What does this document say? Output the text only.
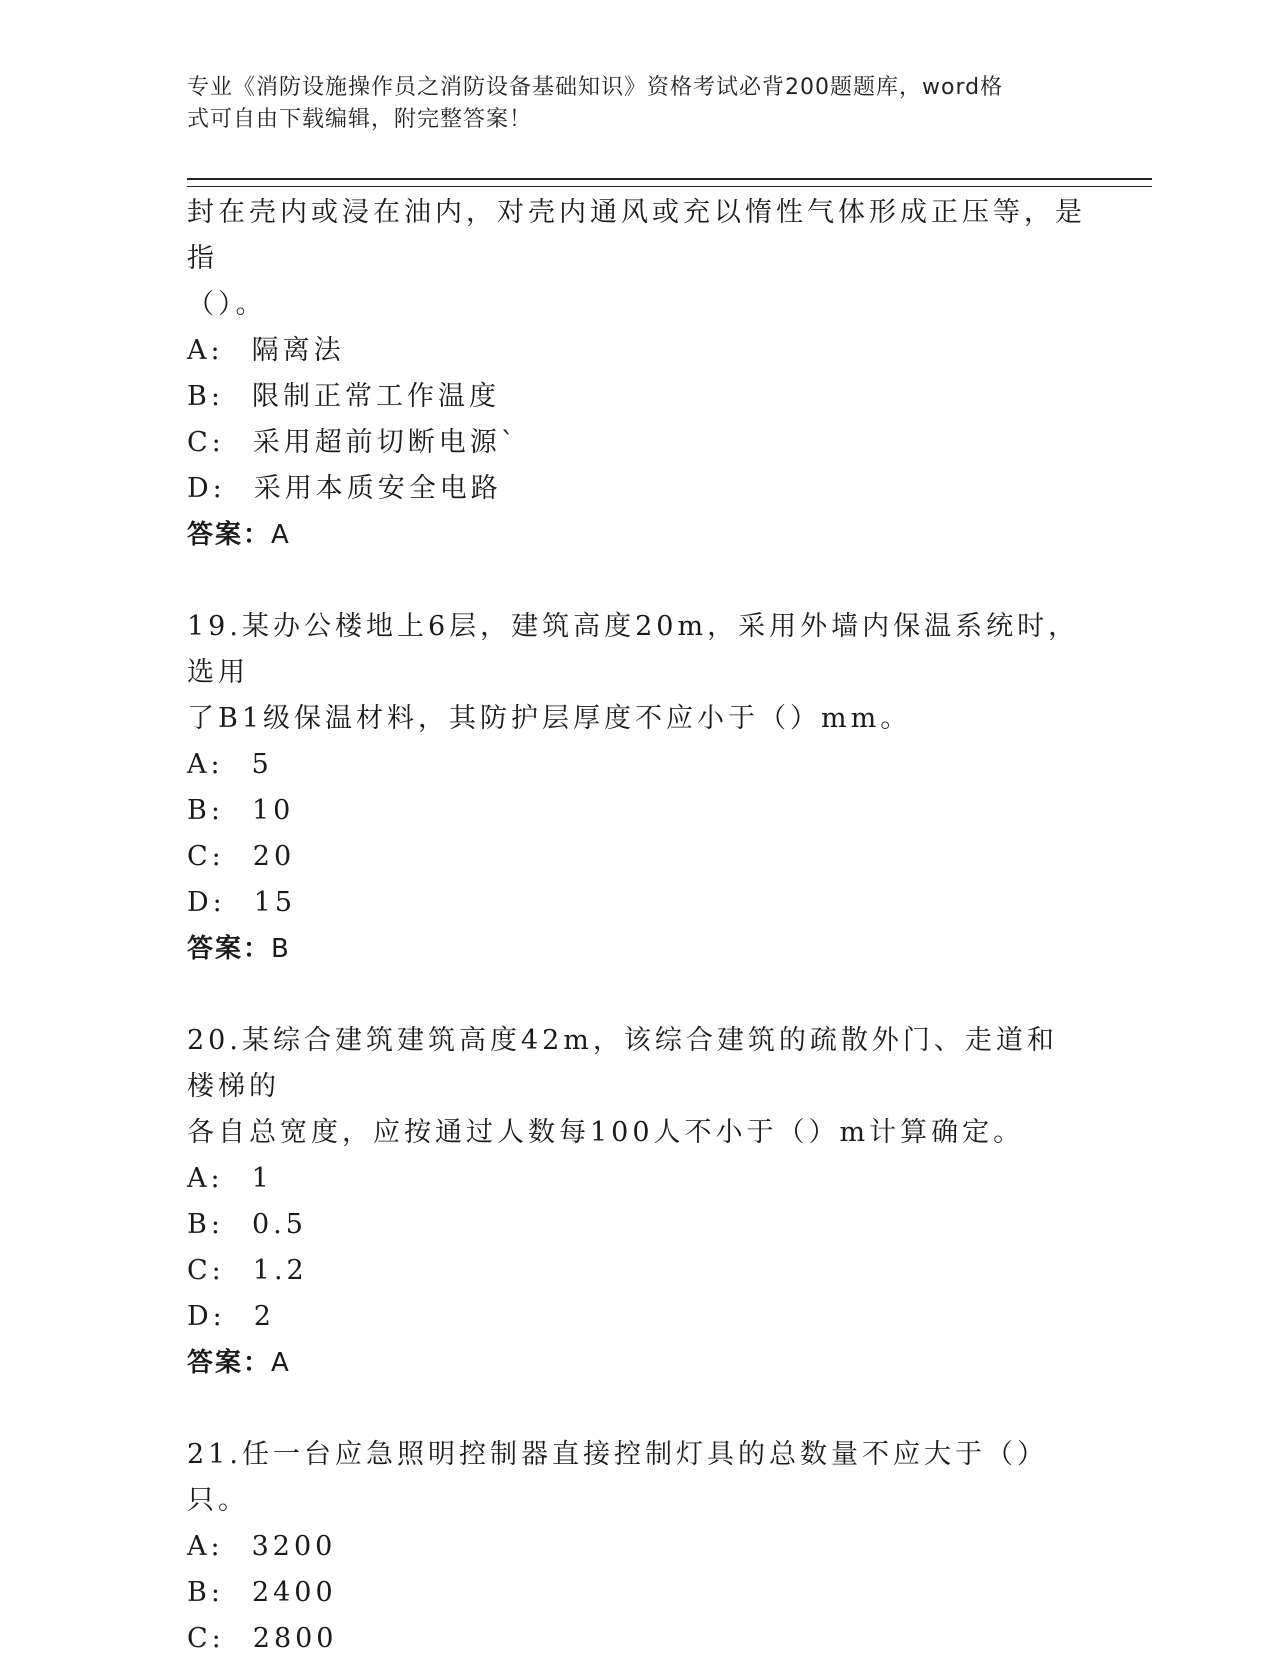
专业《消防设施操作员之消防设备基础知识》资格考试必背200题题库，word格
式可自由下载编辑，附完整答案！

封在壳内或浸在油内，对壳内通风或充以惰性气体形成正压等，是指

（）。

A: 隔离法

B: 限制正常工作温度

C: 采用超前切断电源`

D: 采用本质安全电路

答案：A

19.某办公楼地上6层，建筑高度20m，采用外墙内保温系统时，选用

了B1级保温材料，其防护层厚度不应小于（）mm。

A: 5

B: 10

C: 20

D: 15

答案：B

20.某综合建筑建筑高度42m，该综合建筑的疏散外门、走道和楼梯的

各自总宽度，应按通过人数每100人不小于（）m计算确定。

A: 1

B: 0.5

C: 1.2

D: 2

答案：A

21.任一台应急照明控制器直接控制灯具的总数量不应大于（）只。

A: 3200

B: 2400

C: 2800
